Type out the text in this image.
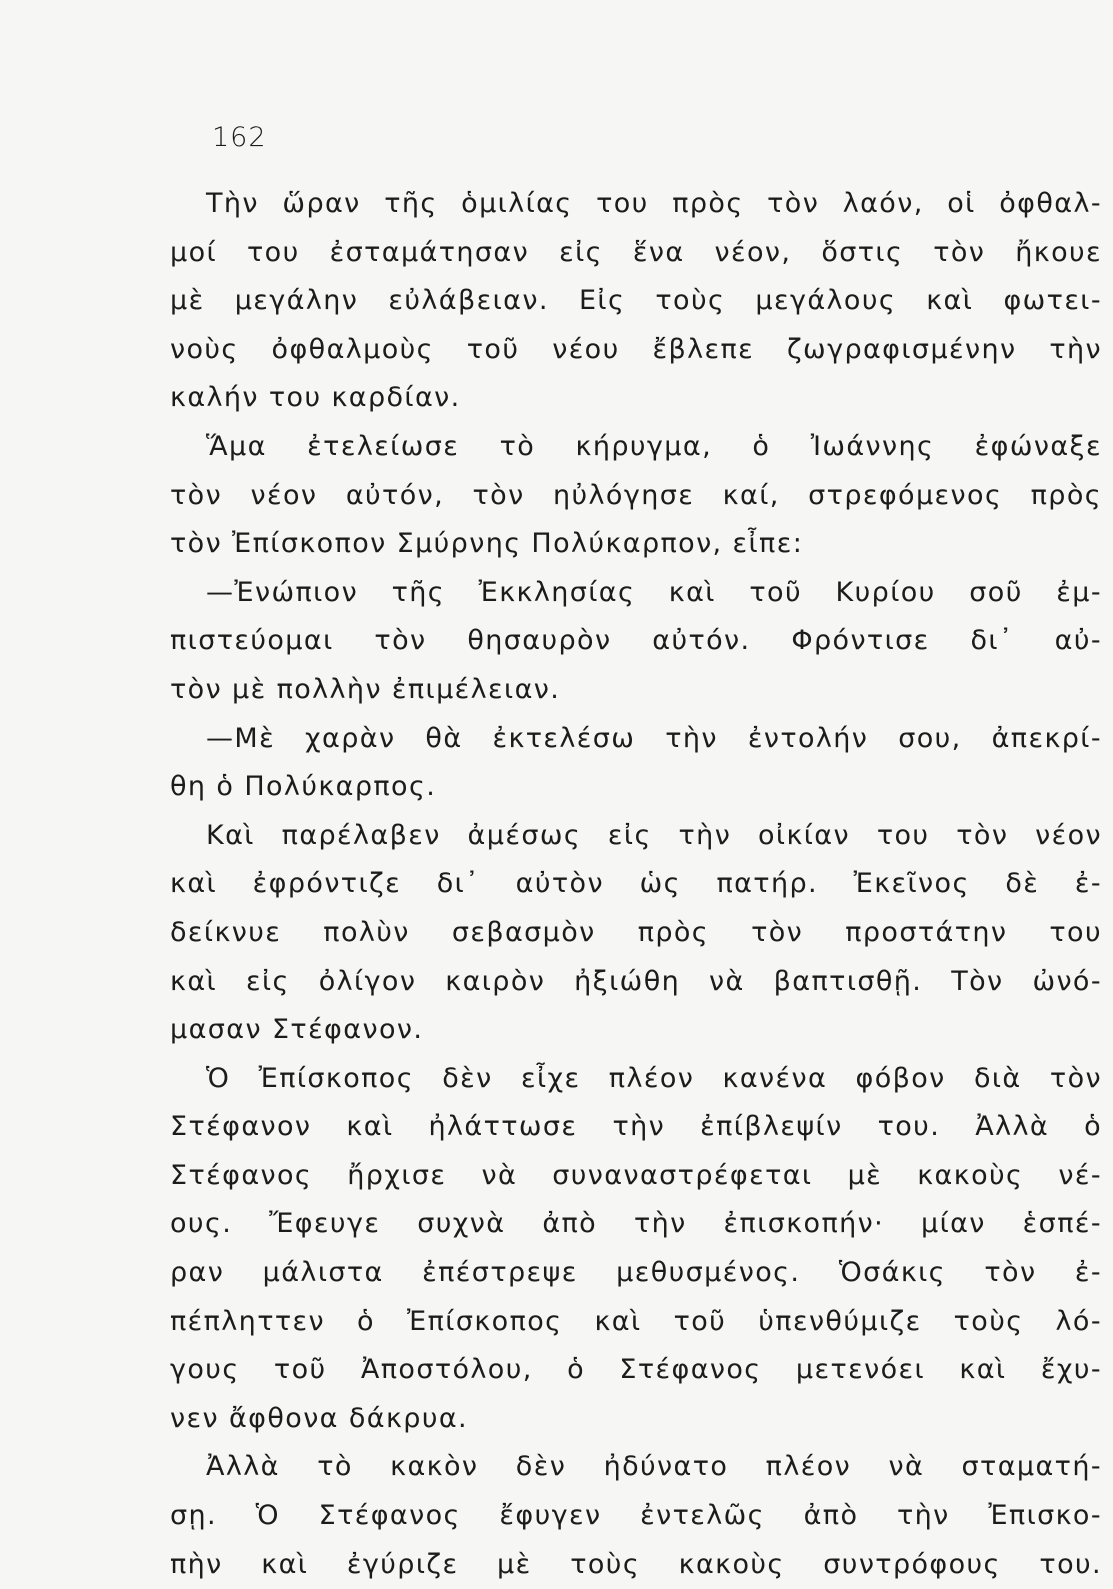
162
Τὴν ὥραν τῆς ὁμιλίας του πρὸς τὸν λαόν, οἱ ὀφθαλ-
μοί του ἐσταμάτησαν εἰς ἕνα νέον, ὅστις τὸν ἤκουε
μὲ μεγάλην εὐλάβειαν. Εἰς τοὺς μεγάλους καὶ φωτει-
νοὺς ὀφθαλμοὺς τοῦ νέου ἔβλεπε ζωγραφισμένην τὴν
καλήν του καρδίαν.
Ἅμα ἐτελείωσε τὸ κήρυγμα, ὁ Ἰωάννης ἐφώναξε
τὸν νέον αὐτόν, τὸν ηὐλόγησε καί, στρεφόμενος πρὸς
τὸν Ἐπίσκοπον Σμύρνης Πολύκαρπον, εἶπε:
—Ἐνώπιον τῆς Ἐκκλησίας καὶ τοῦ Κυρίου σοῦ ἐμ-
πιστεύομαι τὸν θησαυρὸν αὐτόν. Φρόντισε δι᾽ αὐ-
τὸν μὲ πολλὴν ἐπιμέλειαν.
—Μὲ χαρὰν θὰ ἐκτελέσω τὴν ἐντολήν σου, ἀπεκρί-
θη ὁ Πολύκαρπος.
Καὶ παρέλαβεν ἀμέσως εἰς τὴν οἰκίαν του τὸν νέον
καὶ ἐφρόντιζε δι᾽ αὐτὸν ὡς πατήρ. Ἐκεῖνος δὲ ἐ-
δείκνυε πολὺν σεβασμὸν πρὸς τὸν προστάτην του
καὶ εἰς ὀλίγον καιρὸν ἠξιώθη νὰ βαπτισθῇ. Τὸν ὠνό-
μασαν Στέφανον.
Ὁ Ἐπίσκοπος δὲν εἶχε πλέον κανένα φόβον διὰ τὸν
Στέφανον καὶ ἠλάττωσε τὴν ἐπίβλεψίν του. Ἀλλὰ ὁ
Στέφανος ἤρχισε νὰ συναναστρέφεται μὲ κακοὺς νέ-
ους. Ἔφευγε συχνὰ ἀπὸ τὴν ἐπισκοπήν· μίαν ἑσπέ-
ραν μάλιστα ἐπέστρεψε μεθυσμένος. Ὁσάκις τὸν ἐ-
πέπληττεν ὁ Ἐπίσκοπος καὶ τοῦ ὑπενθύμιζε τοὺς λό-
γους τοῦ Ἀποστόλου, ὁ Στέφανος μετενόει καὶ ἔχυ-
νεν ἄφθονα δάκρυα.
Ἀλλὰ τὸ κακὸν δὲν ἠδύνατο πλέον νὰ σταματή-
σῃ. Ὁ Στέφανος ἔφυγεν ἐντελῶς ἀπὸ τὴν Ἐπισκο-
πὴν καὶ ἐγύριζε μὲ τοὺς κακοὺς συντρόφους του.
